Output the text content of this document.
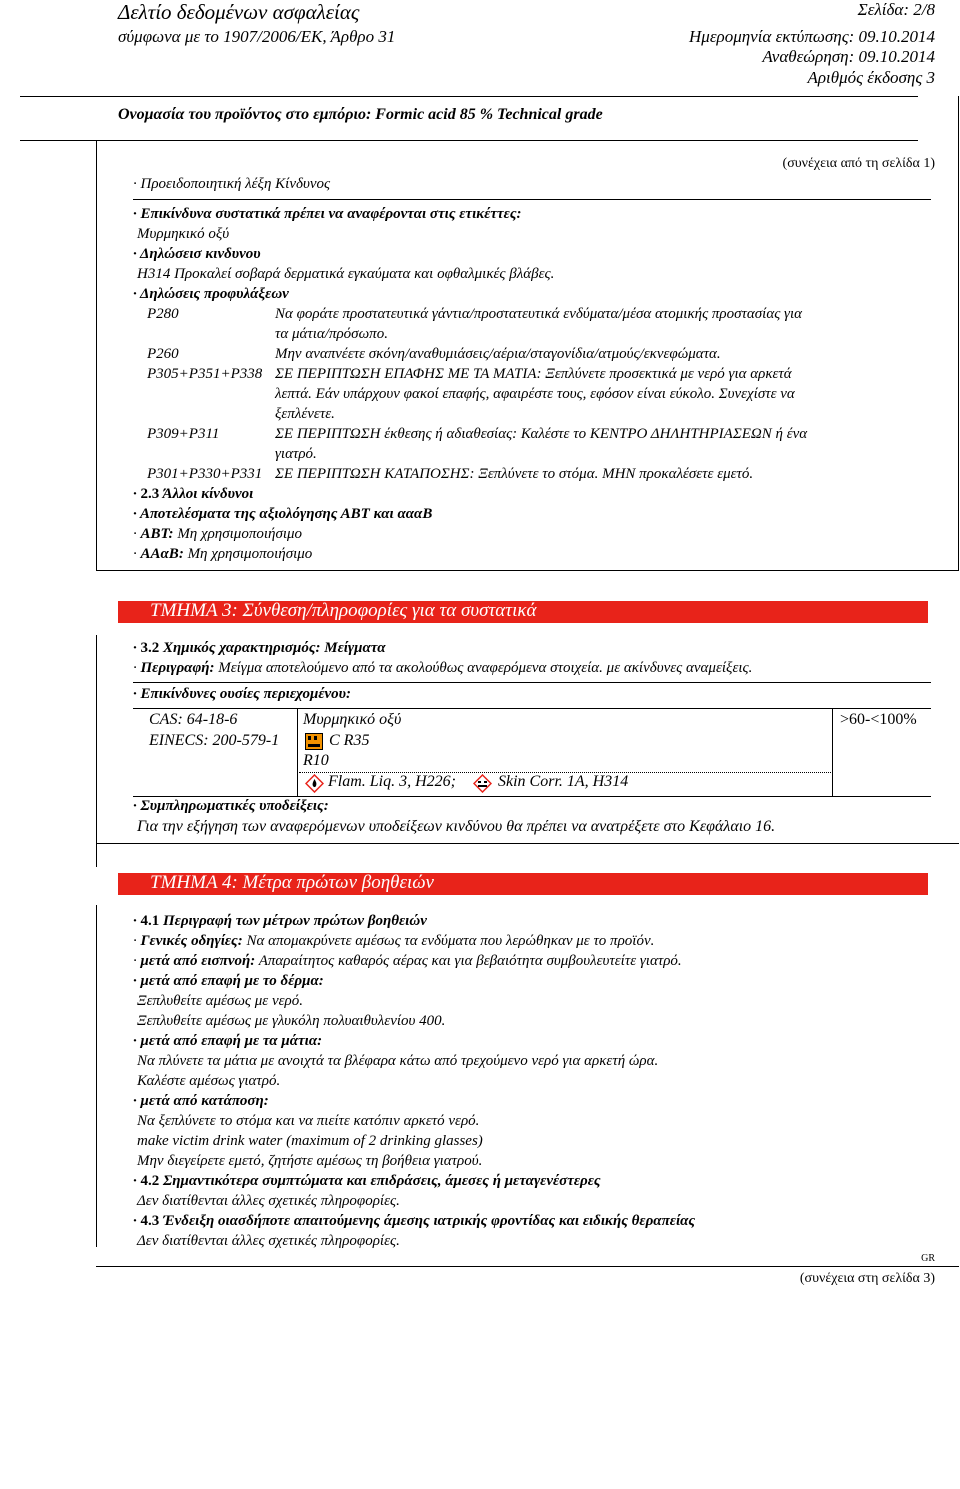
Δελτίο δεδομένων ασφαλείας
σύμφωνα με το 1907/2006/ΕΚ, Άρθρο 31
Σελίδα: 2/8
Ημερομηνία εκτύπωσης: 09.10.2014
Αναθεώρηση: 09.10.2014
Αριθμός έκδοσης 3
Ονομασία του προϊόντος στο εμπόριο: Formic acid 85 % Technical grade
(συνέχεια από τη σελίδα 1)
· Προειδοποιητική λέξη Κίνδυνος
· Επικίνδυνα συστατικά πρέπει να αναφέρονται στις ετικέττες:
Μυρμηκικό οξύ
· Δηλώσεισ κινδυνου
H314 Προκαλεί σοβαρά δερματικά εγκαύματα και οφθαλμικές βλάβες.
· Δηλώσεις προφυλάξεων
P280	Να φοράτε προστατευτικά γάντια/προστατευτικά ενδύματα/μέσα ατομικής προστασίας για
τα μάτια/πρόσωπο.
P260	Μην αναπνέετε σκόνη/αναθυμιάσεις/αέρια/σταγονίδια/ατμούς/εκνεφώματα.
P305+P351+P338 ΣΕ ΠΕΡΙΠΤΩΣΗ ΕΠΑΦΗΣ ΜΕ ΤΑ ΜΑΤΙΑ: Ξεπλύνετε προσεκτικά με νερό για αρκετά
λεπτά. Εάν υπάρχουν φακοί επαφής, αφαιρέστε τους, εφόσον είναι εύκολο. Συνεχίστε να
ξεπλένετε.
P309+P311	ΣΕ ΠΕΡΙΠΤΩΣΗ έκθεσης ή αδιαθεσίας: Καλέστε το ΚΕΝΤΡΟ ΔΗΛΗΤΗΡΙΑΣΕΩΝ ή ένα
γιατρό.
P301+P330+P331 ΣΕ ΠΕΡΙΠΤΩΣΗ ΚΑΤΑΠΟΣΗΣ: Ξεπλύνετε το στόμα. ΜΗΝ προκαλέσετε εμετό.
· 2.3 Άλλοι κίνδυνοι
· Αποτελέσματα της αξιολόγησης ΑΒΤ και αααΒ
· ΑΒΤ: Μη χρησιμοποιήσιμο
· ΑΑαΒ: Μη χρησιμοποιήσιμο
ΤΜΗΜΑ 3: Σύνθεση/πληροφορίες για τα συστατικά
· 3.2 Χημικός χαρακτηρισμός: Μείγματα
· Περιγραφή: Μείγμα αποτελούμενο από τα ακολούθως αναφερόμενα στοιχεία. με ακίνδυνες αναμείξεις.
· Επικίνδυνες ουσίες περιεχομένου:
CAS: 64-18-6
EINECS: 200-579-1
Μυρμηκικό οξύ	>60-<100%
C R35
R10
Flam. Liq. 3, H226;	Skin Corr. 1A, H314
· Συμπληρωματικές υποδείξεις:
Για την εξήγηση των αναφερόμενων υποδείξεων κινδύνου θα πρέπει να ανατρέξετε στο Κεφάλαιο 16.
ΤΜΗΜΑ 4: Μέτρα πρώτων βοηθειών
· 4.1 Περιγραφή των μέτρων πρώτων βοηθειών
· Γενικές οδηγίες: Να απομακρύνετε αμέσως τα ενδύματα που λερώθηκαν με το προϊόν.
· μετά από εισπνοή: Απαραίτητος καθαρός αέρας και για βεβαιότητα συμβουλευτείτε γιατρό.
· μετά από επαφή με το δέρμα:
Ξεπλυθείτε αμέσως με νερό.
Ξεπλυθείτε αμέσως με γλυκόλη πολυαιθυλενίου 400.
· μετά από επαφή με τα μάτια:
Να πλύνετε τα μάτια με ανοιχτά τα βλέφαρα κάτω από τρεχούμενο νερό για αρκετή ώρα.
Καλέστε αμέσως γιατρό.
· μετά από κατάποση:
Να ξεπλύνετε το στόμα και να πιείτε κατόπιν αρκετό νερό.
make victim drink water (maximum of 2 drinking glasses)
Μην διεγείρετε εμετό, ζητήστε αμέσως τη βοήθεια γιατρού.
· 4.2 Σημαντικότερα συμπτώματα και επιδράσεις, άμεσες ή μεταγενέστερες
Δεν διατίθενται άλλες σχετικές πληροφορίες.
· 4.3 Ένδειξη οιασδήποτε απαιτούμενης άμεσης ιατρικής φροντίδας και ειδικής θεραπείας
Δεν διατίθενται άλλες σχετικές πληροφορίες.
GR
(συνέχεια στη σελίδα 3)
